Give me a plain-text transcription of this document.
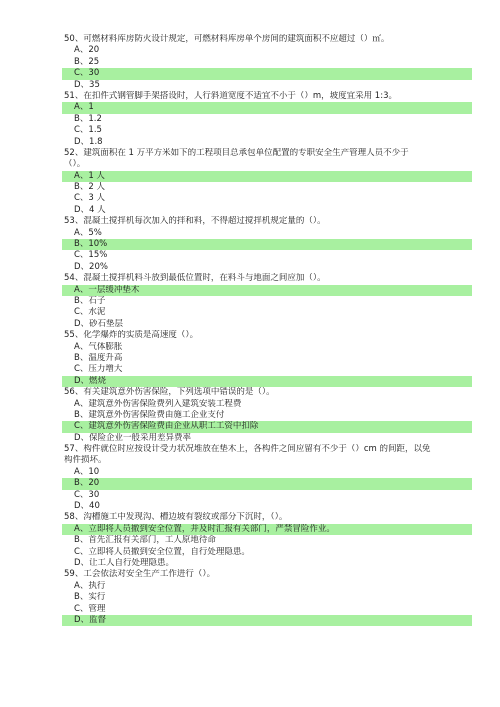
50、可燃材料库房防火设计规定，可燃材料库房单个房间的建筑面积不应超过（）㎡。
A、20
B、25
C、30
D、35
51、在扣件式钢管脚手架搭设时，人行斜道宽度不适宜不小于（）m，坡度宜采用 1:3。
A、1
B、1.2
C、1.5
D、1.8
52、建筑面积在 1 万平方米如下的工程项目总承包单位配置的专职安全生产管理人员不少于
（）。
A、1 人
B、2 人
C、3 人
D、4 人
53、混凝土搅拌机每次加入的拌和料，不得超过搅拌机规定量的（）。
A、5%
B、10%
C、15%
D、20%
54、混凝土搅拌机料斗放到最低位置时，在料斗与地面之间应加（）。
A、一层缓冲垫木
B、石子
C、水泥
D、砂石垫层
55、化学爆炸的实质是高速度（）。
A、气体膨胀
B、温度升高
C、压力增大
D、燃烧
56、有关建筑意外伤害保险，下列选项中错误的是（）。
A、建筑意外伤害保险费列入建筑安装工程费
B、建筑意外伤害保险费由施工企业支付
C、建筑意外伤害保险费由企业从职工工资中扣除
D、保险企业一般采用差异费率
57、构件就位时应按设计受力状况堆放在垫木上，各构件之间应留有不少于（）cm 的间距，以免
构件损坏。
A、10
B、20
C、30
D、40
58、沟槽施工中发现沟、槽边坡有裂纹或部分下沉时，（）。
A、立即将人员撤到安全位置，并及时汇报有关部门，严禁冒险作业。
B、首先汇报有关部门，工人原地待命
C、立即将人员撤到安全位置，自行处理隐患。
D、让工人自行处理隐患。
59、工会依法对安全生产工作进行（）。
A、执行
B、实行
C、管理
D、监督
